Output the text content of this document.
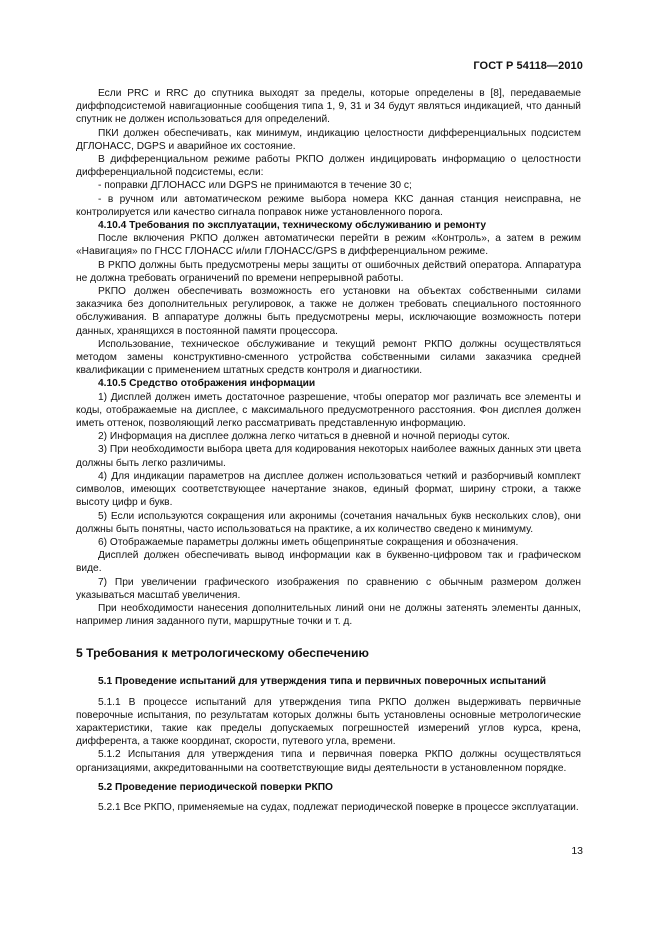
ГОСТ Р 54118—2010

Если PRC и RRC до спутника выходят за пределы, которые определены в [8], передаваемые диффподсистемой навигационные сообщения типа 1, 9, 31 и 34 будут являться индикацией, что данный спутник не должен использоваться для определений.

ПКИ должен обеспечивать, как минимум, индикацию целостности дифференциальных подсистем ДГЛОНАСС, DGPS и аварийное их состояние.

В дифференциальном режиме работы РКПО должен индицировать информацию о целостности дифференциальной подсистемы, если:

- поправки ДГЛОНАСС или DGPS не принимаются в течение 30 с;

- в ручном или автоматическом режиме выбора номера ККС данная станция неисправна, не контролируется или качество сигнала поправок ниже установленного порога.

4.10.4 Требования по эксплуатации, техническому обслуживанию и ремонту

После включения РКПО должен автоматически перейти в режим «Контроль», а затем в режим «Навигация» по ГНСС ГЛОНАСС и/или ГЛОНАСС/GPS в дифференциальном режиме.

В РКПО должны быть предусмотрены меры защиты от ошибочных действий оператора. Аппаратура не должна требовать ограничений по времени непрерывной работы.

РКПО должен обеспечивать возможность его установки на объектах собственными силами заказчика без дополнительных регулировок, а также не должен требовать специального постоянного обслуживания. В аппаратуре должны быть предусмотрены меры, исключающие возможность потери данных, хранящихся в постоянной памяти процессора.

Использование, техническое обслуживание и текущий ремонт РКПО должны осуществляться методом замены конструктивно-сменного устройства собственными силами заказчика средней квалификации с применением штатных средств контроля и диагностики.

4.10.5 Средство отображения информации

1) Дисплей должен иметь достаточное разрешение, чтобы оператор мог различать все элементы и коды, отображаемые на дисплее, с максимального предусмотренного расстояния. Фон дисплея должен иметь оттенок, позволяющий легко рассматривать представленную информацию.

2) Информация на дисплее должна легко читаться в дневной и ночной периоды суток.

3) При необходимости выбора цвета для кодирования некоторых наиболее важных данных эти цвета должны быть легко различимы.

4) Для индикации параметров на дисплее должен использоваться четкий и разборчивый комплект символов, имеющих соответствующее начертание знаков, единый формат, ширину строки, а также высоту цифр и букв.

5) Если используются сокращения или акронимы (сочетания начальных букв нескольких слов), они должны быть понятны, часто использоваться на практике, а их количество сведено к минимуму.

6) Отображаемые параметры должны иметь общепринятые сокращения и обозначения.

Дисплей должен обеспечивать вывод информации как в буквенно-цифровом так и графическом виде.

7) При увеличении графического изображения по сравнению с обычным размером должен указываться масштаб увеличения.

При необходимости нанесения дополнительных линий они не должны затенять элементы данных, например линия заданного пути, маршрутные точки и т. д.

5 Требования к метрологическому обеспечению

5.1 Проведение испытаний для утверждения типа и первичных поверочных испытаний

5.1.1 В процессе испытаний для утверждения типа РКПО должен выдерживать первичные поверочные испытания, по результатам которых должны быть установлены основные метрологические характеристики, такие как пределы допускаемых погрешностей измерений углов курса, крена, дифферента, а также координат, скорости, путевого угла, времени.

5.1.2 Испытания для утверждения типа и первичная поверка РКПО должны осуществляться организациями, аккредитованными на соответствующие виды деятельности в установленном порядке.

5.2 Проведение периодической поверки РКПО

5.2.1 Все РКПО, применяемые на судах, подлежат периодической поверке в процессе эксплуатации.

13
